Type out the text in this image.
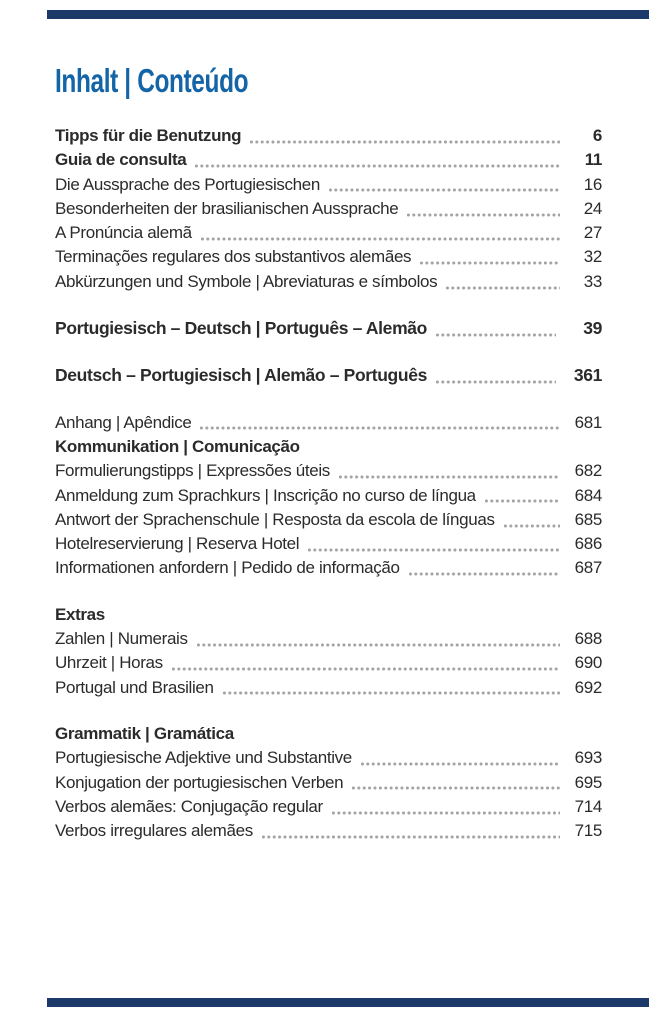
Inhalt | Conteúdo
Tipps für die Benutzung	6
Guia de consulta	11
Die Aussprache des Portugiesischen	16
Besonderheiten der brasilianischen Aussprache	24
A Pronúncia alemã	27
Terminações regulares dos substantivos alemães	32
Abkürzungen und Symbole | Abreviaturas e símbolos	33
Portugiesisch – Deutsch | Português – Alemão	39
Deutsch – Portugiesisch | Alemão – Português	361
Anhang | Apêndice	681
Kommunikation | Comunicação
Formulierungstipps | Expressões úteis	682
Anmeldung zum Sprachkurs | Inscrição no curso de língua	684
Antwort der Sprachenschule | Resposta da escola de línguas	685
Hotelreservierung | Reserva Hotel	686
Informationen anfordern | Pedido de informação	687
Extras
Zahlen | Numerais	688
Uhrzeit | Horas	690
Portugal und Brasilien	692
Grammatik | Gramática
Portugiesische Adjektive und Substantive	693
Konjugation der portugiesischen Verben	695
Verbos alemães: Conjugação regular	714
Verbos irregulares alemães	715
